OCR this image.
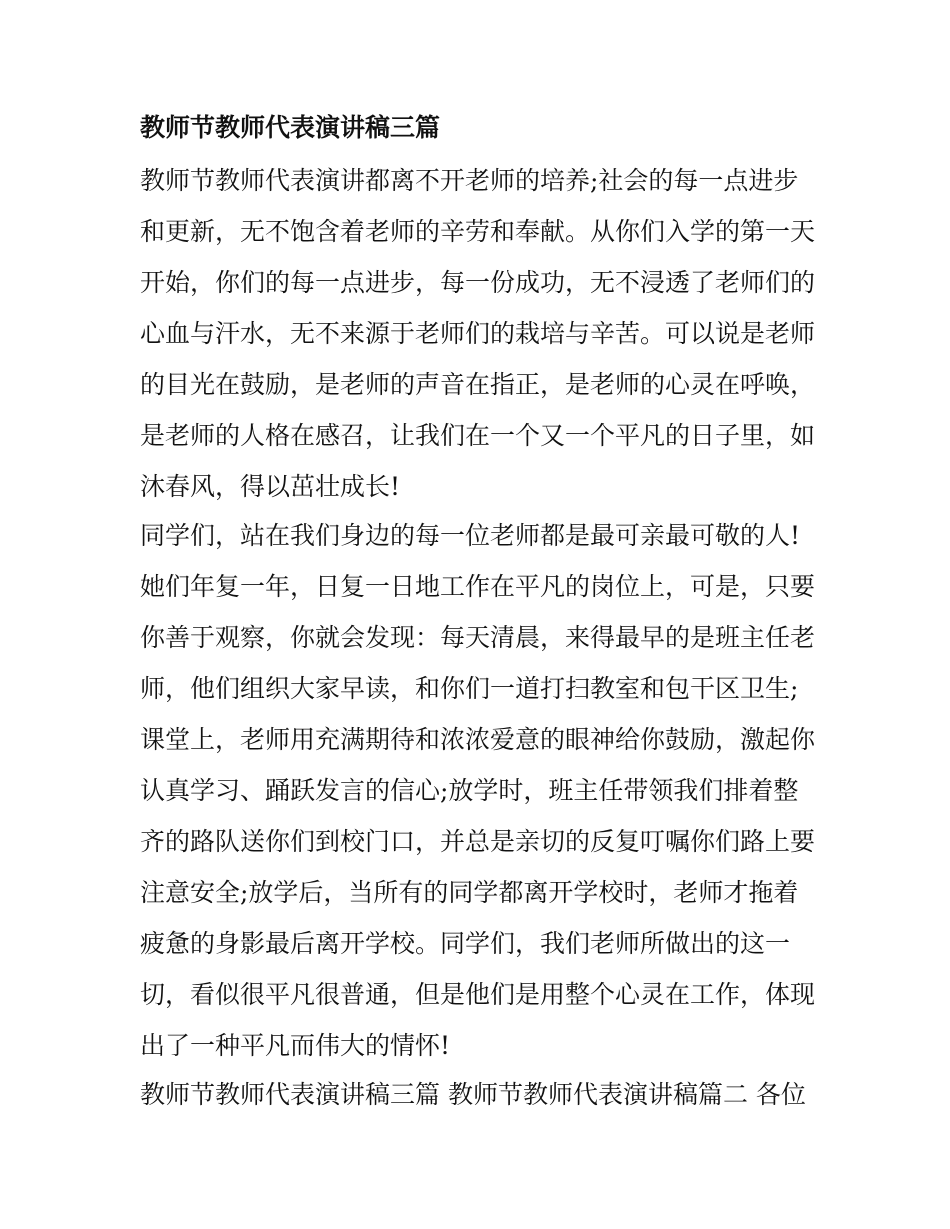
教师节教师代表演讲稿三篇

教师节教师代表演讲都离不开老师的培养;社会的每一点进步
和更新，无不饱含着老师的辛劳和奉献。从你们入学的第一天
开始，你们的每一点进步，每一份成功，无不浸透了老师们的
心血与汗水，无不来源于老师们的栽培与辛苦。可以说是老师
的目光在鼓励，是老师的声音在指正，是老师的心灵在呼唤，
是老师的人格在感召，让我们在一个又一个平凡的日子里，如
沐春风，得以茁壮成长!

同学们，站在我们身边的每一位老师都是最可亲最可敬的人!
她们年复一年，日复一日地工作在平凡的岗位上，可是，只要
你善于观察，你就会发现：每天清晨，来得最早的是班主任老
师，他们组织大家早读，和你们一道打扫教室和包干区卫生;
课堂上，老师用充满期待和浓浓爱意的眼神给你鼓励，激起你
认真学习、踊跃发言的信心;放学时，班主任带领我们排着整
齐的路队送你们到校门口，并总是亲切的反复叮嘱你们路上要
注意安全;放学后，当所有的同学都离开学校时，老师才拖着
疲惫的身影最后离开学校。同学们，我们老师所做出的这一
切，看似很平凡很普通，但是他们是用整个心灵在工作，体现
出了一种平凡而伟大的情怀!

教师节教师代表演讲稿三篇 教师节教师代表演讲稿篇二 各位
